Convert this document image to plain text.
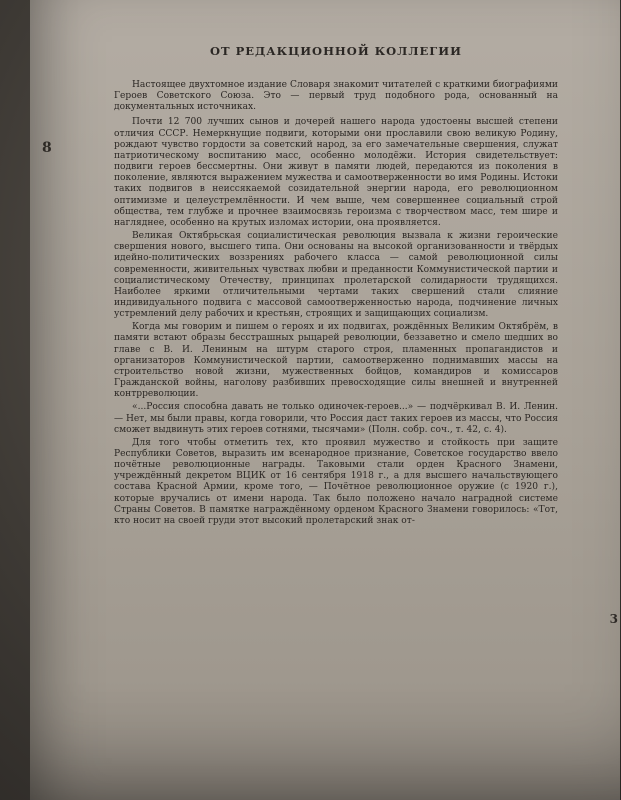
8
3
ОТ РЕДАКЦИОННОЙ КОЛЛЕГИИ

Настоящее двухтомное издание Словаря знакомит читателей с краткими биографиями Героев Советского Союза. Это — первый труд подобного рода, основанный на документальных источниках.

Почти 12 700 лучших сынов и дочерей нашего народа удостоены высшей степени отличия СССР. Немеркнущие подвиги, которыми они прославили свою великую Родину, рождают чувство гордости за советский народ, за его замечательные свершения, служат патриотическому воспитанию масс, особенно молодёжи. История свидетельствует: подвиги героев бессмертны. Они живут в памяти людей, передаются из поколения в поколение, являются выражением мужества и самоотверженности во имя Родины. Истоки таких подвигов в неиссякаемой созидательной энергии народа, его революционном оптимизме и целеустремлённости. И чем выше, чем совершеннее социальный строй общества, тем глубже и прочнее взаимосвязь героизма с творчеством масс, тем шире и нагляднее, особенно на крутых изломах истории, она проявляется.

Великая Октябрьская социалистическая революция вызвала к жизни героические свершения нового, высшего типа. Они основаны на высокой организованности и твёрдых идейно-политических воззрениях рабочего класса — самой революционной силы современности, живительных чувствах любви и преданности Коммунистической партии и социалистическому Отечеству, принципах пролетарской солидарности трудящихся. Наиболее яркими отличительными чертами таких свершений стали слияние индивидуального подвига с массовой самоотверженностью народа, подчинение личных устремлений делу рабочих и крестьян, строящих и защищающих социализм.

Когда мы говорим и пишем о героях и их подвигах, рождённых Великим Октябрём, в памяти встают образы бесстрашных рыцарей революции, беззаветно и смело шедших во главе с В. И. Лениным на штурм старого строя, пламенных пропагандистов и организаторов Коммунистической партии, самоотверженно поднимавших массы на строительство новой жизни, мужественных бойцов, командиров и комиссаров Гражданской войны, наголову разбивших превосходящие силы внешней и внутренней контрреволюции.

«...Россия способна давать не только одиночек-героев...» — подчёркивал В. И. Ленин. — Нет, мы были правы, когда говорили, что Россия даст таких героев из массы, что Россия сможет выдвинуть этих героев сотнями, тысячами» (Полн. собр. соч., т. 42, с. 4).

Для того чтобы отметить тех, кто проявил мужество и стойкость при защите Республики Советов, выразить им всенародное признание, Советское государство ввело почётные революционные награды. Таковыми стали орден Красного Знамени, учреждённый декретом ВЦИК от 16 сентября 1918 г., а для высшего начальствующего состава Красной Армии, кроме того, — Почётное революционное оружие (с 1920 г.), которые вручались от имени народа. Так было положено начало наградной системе Страны Советов. В памятке награждённому орденом Красного Знамени говорилось: «Тот, кто носит на своей груди этот высокий пролетарский знак от-
